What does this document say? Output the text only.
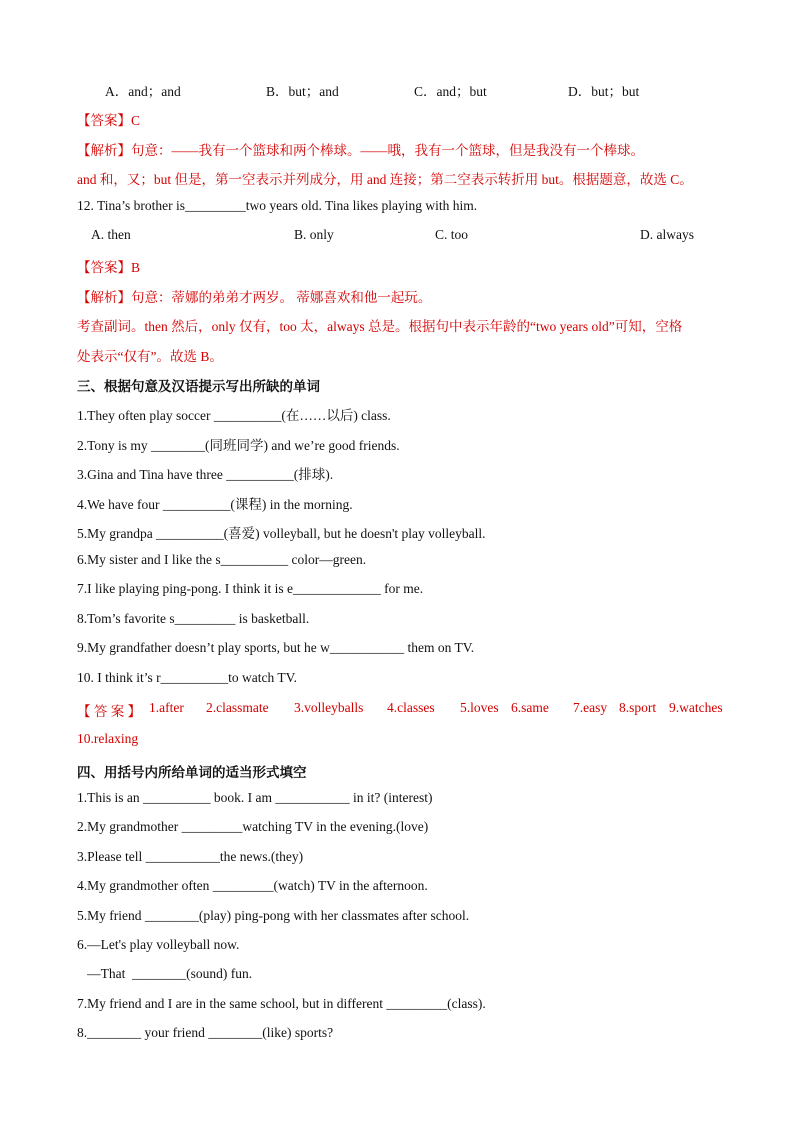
A．and；and	B．but；and	C．and；but	D．but；but
【答案】C
【解析】句意：——我有一个篮球和两个棒球。——哦，我有一个篮球，但是我没有一个棒球。
and 和，又；but 但是，第一空表示并列成分，用 and 连接；第二空表示转折用 but。根据题意，故选 C。
12. Tina’s brother is_________two years old. Tina likes playing with him.
A. then	B. only	C. too	D. always
【答案】B
【解析】句意：蒂娜的弟弟才两岁。 蒂娜喜欢和他一起玩。
考查副词。then 然后，only 仅有，too 太，always 总是。根据句中表示年龄的“two years old”可知，空格
处表示“仅有”。故选 B。
三、根据句意及汉语提示写出所缺的单词
1.They often play soccer __________(在……以后) class.
2.Tony is my ________(同班同学) and we’re good friends.
3.Gina and Tina have three __________(排球).
4.We have four __________(课程) in the morning.
5.My grandpa __________(喜爱) volleyball, but he doesn't play volleyball.
6.My sister and I like the s__________ color—green.
7.I like playing ping-pong. I think it is e_____________ for me.
8.Tom’s favorite s_________ is basketball.
9.My grandfather doesn’t play sports, but he w___________ them on TV.
10. I think it’s r__________to watch TV.
【 答 案 】 1.after 2.classmate 3.volleyballs 4.classes 5.loves 6.same 7.easy 8.sport 9.watches
10.relaxing
四、用括号内所给单词的适当形式填空
1.This is an __________ book. I am ___________ in it? (interest)
2.My grandmother _________watching TV in the evening.(love)
3.Please tell ___________the news.(they)
4.My grandmother often _________(watch) TV in the afternoon.
5.My friend ________(play) ping-pong with her classmates after school.
6.—Let's play volleyball now.
—That  ________(sound) fun.
7.My friend and I are in the same school, but in different _________(class).
8.________ your friend ________(like) sports?
